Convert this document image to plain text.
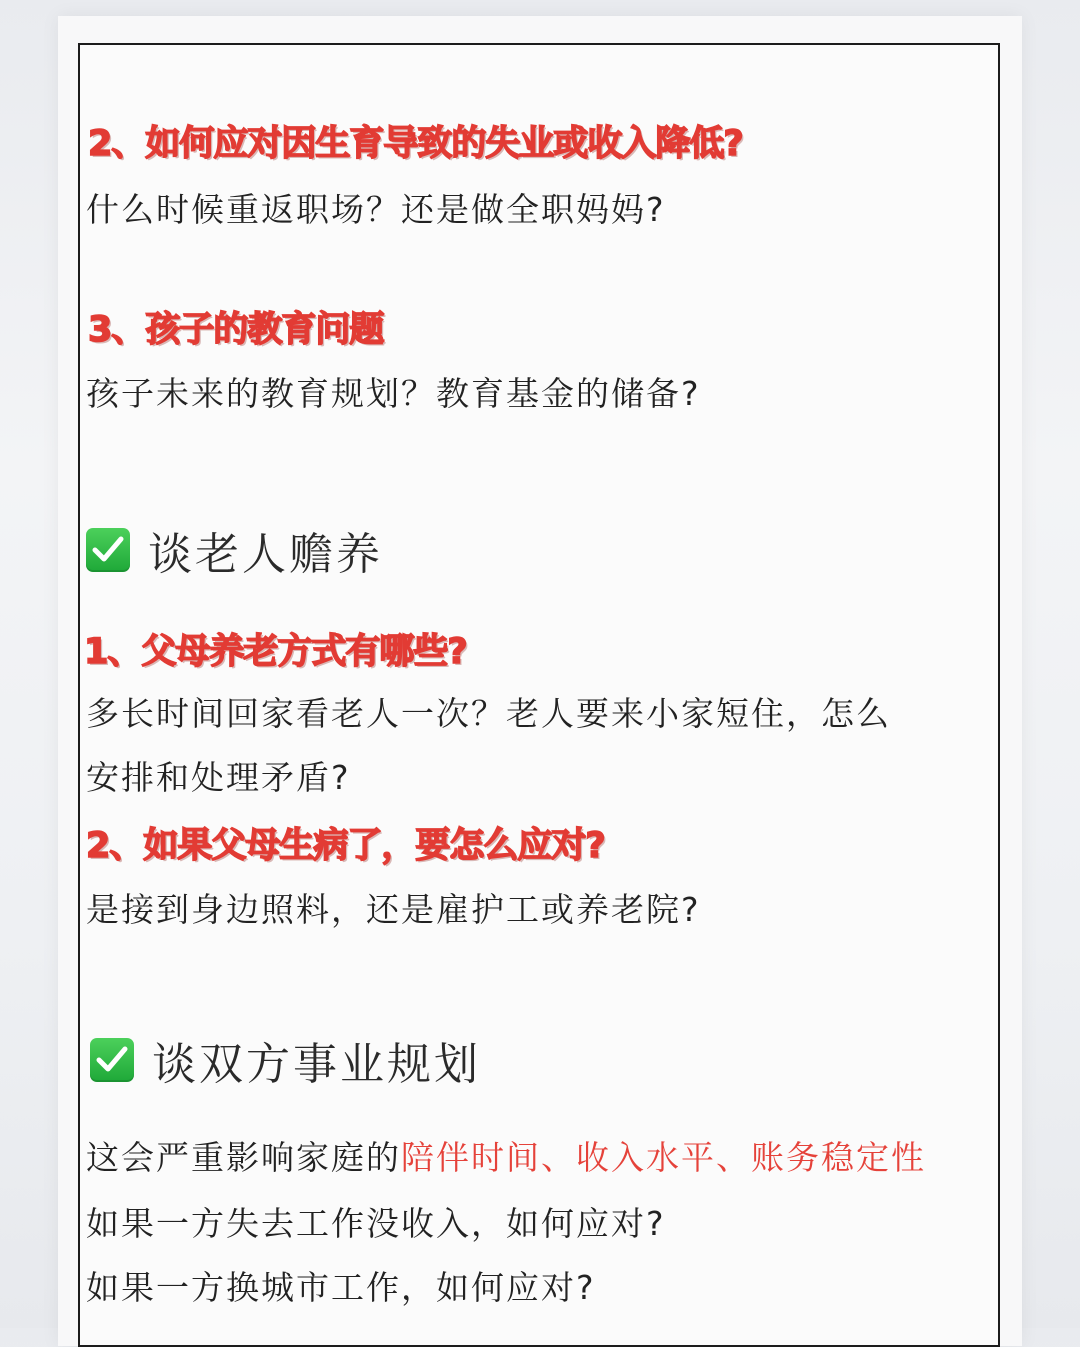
2、如何应对因生育导致的失业或收入降低?
什么时候重返职场？还是做全职妈妈?
3、孩子的教育问题
孩子未来的教育规划？教育基金的储备?
谈老人赡养
1、父母养老方式有哪些?
多长时间回家看老人一次？老人要来小家短住，怎么
安排和处理矛盾?
2、如果父母生病了，要怎么应对?
是接到身边照料，还是雇护工或养老院?
谈双方事业规划
这会严重影响家庭的陪伴时间、收入水平、账务稳定性
如果一方失去工作没收入，如何应对?
如果一方换城市工作，如何应对?
